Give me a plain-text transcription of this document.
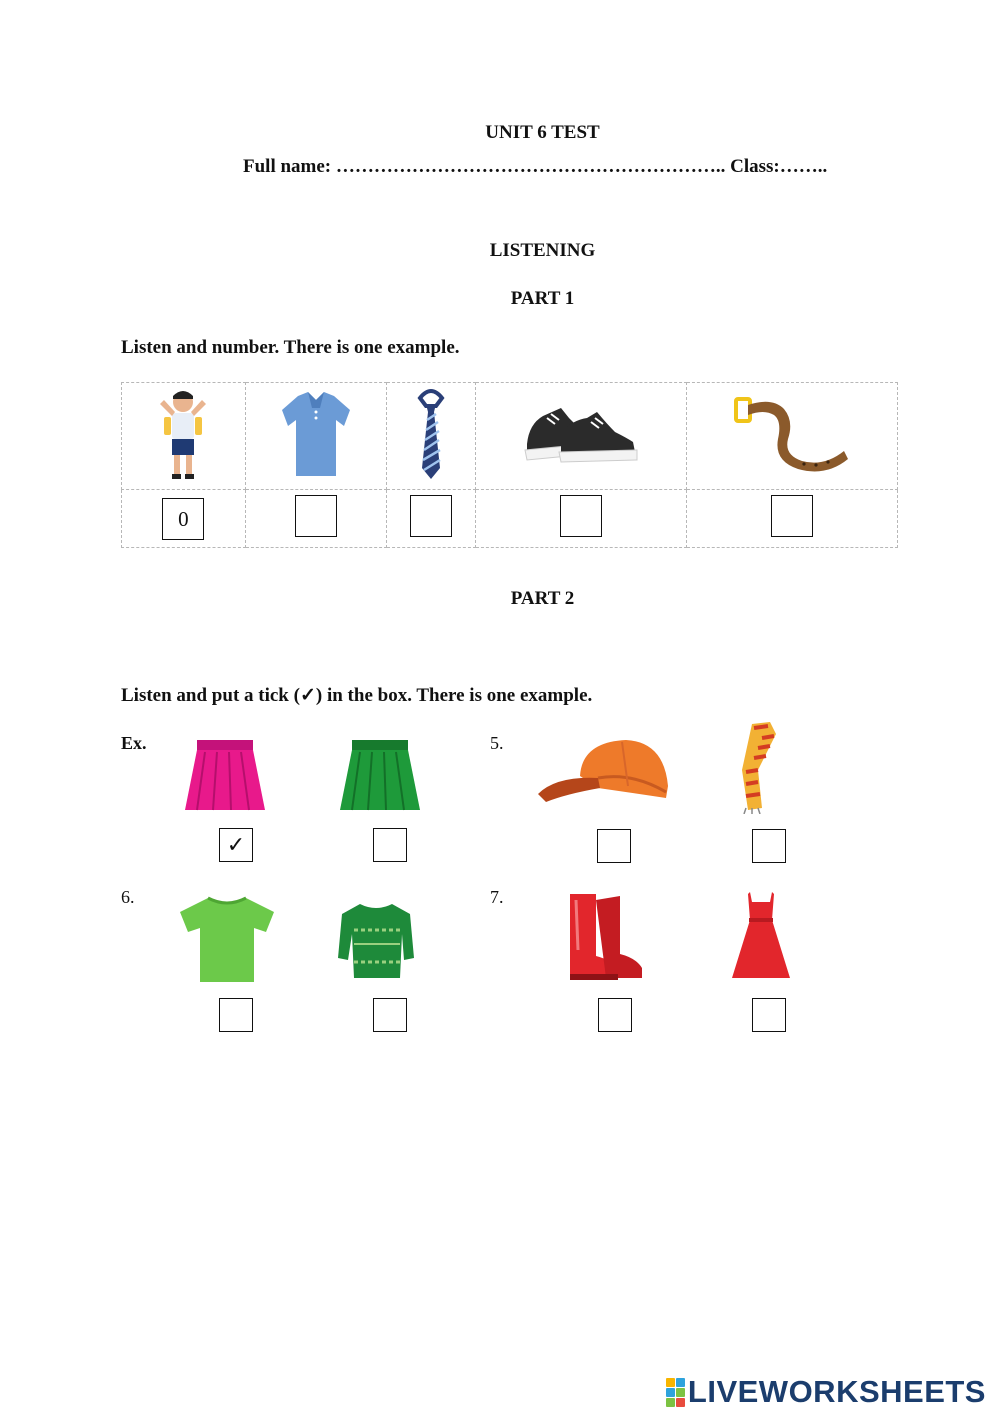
UNIT 6 TEST
Full name: …………………………………………………….. Class:……..
LISTENING
PART 1
Listen and number. There is one example.

0				
PART 2
Listen and put a tick (✓) in the box. There is one example.
Ex.
✓
5.
6.	7.
LIVEWORKSHEETS
